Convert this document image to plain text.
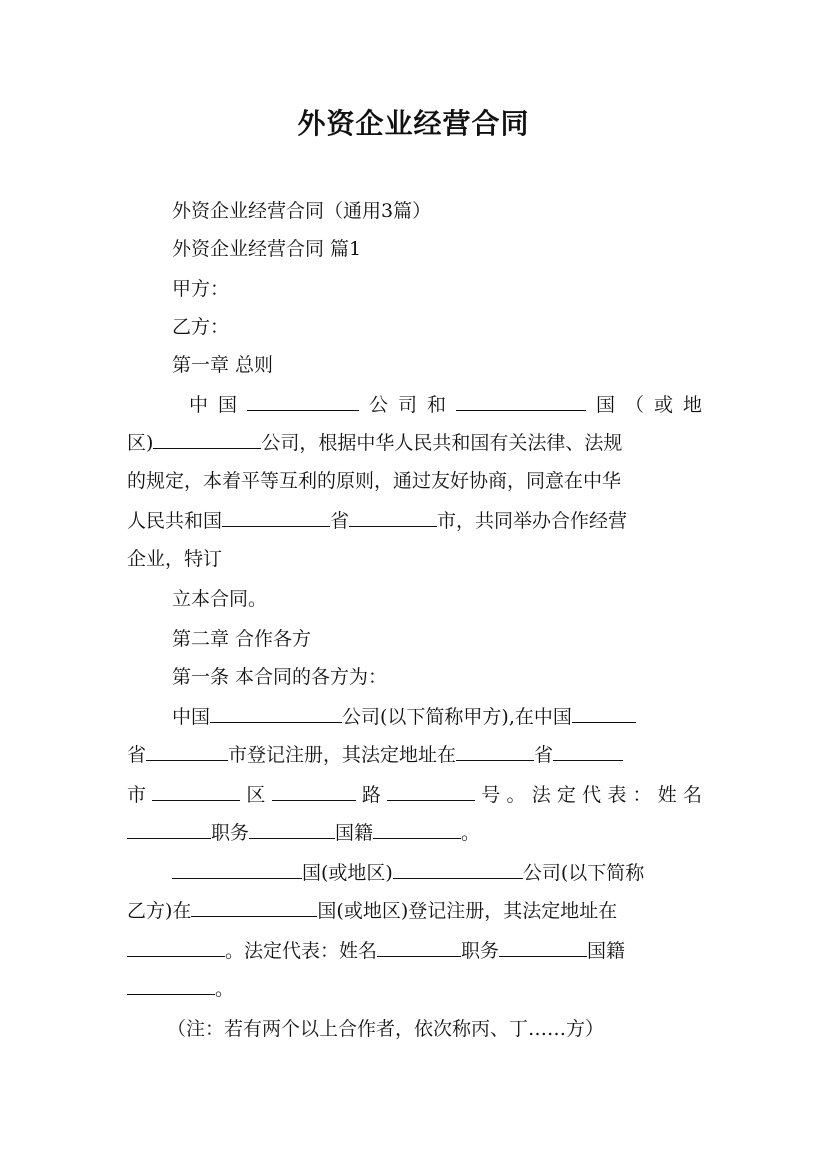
外资企业经营合同
外资企业经营合同（通用3篇）
外资企业经营合同 篇1
甲方：
乙方：
第一章 总则
中国	公司和	国（或地
区)	公司，根据中华人民共和国有关法律、法规
的规定，本着平等互利的原则，通过友好协商，同意在中华
人民共和国	省	市，共同举办合作经营
企业，特订
立本合同。
第二章 合作各方
第一条 本合同的各方为：
中国	公司(以下简称甲方),在中国
省	市登记注册，其法定地址在	省
市	区	路	号。法定代表：姓名
职务	国籍	。
国(或地区)	公司(以下简称
乙方)在	国(或地区)登记注册，其法定地址在
。法定代表：姓名	职务	国籍
。
（注：若有两个以上合作者，依次称丙、丁……方）
